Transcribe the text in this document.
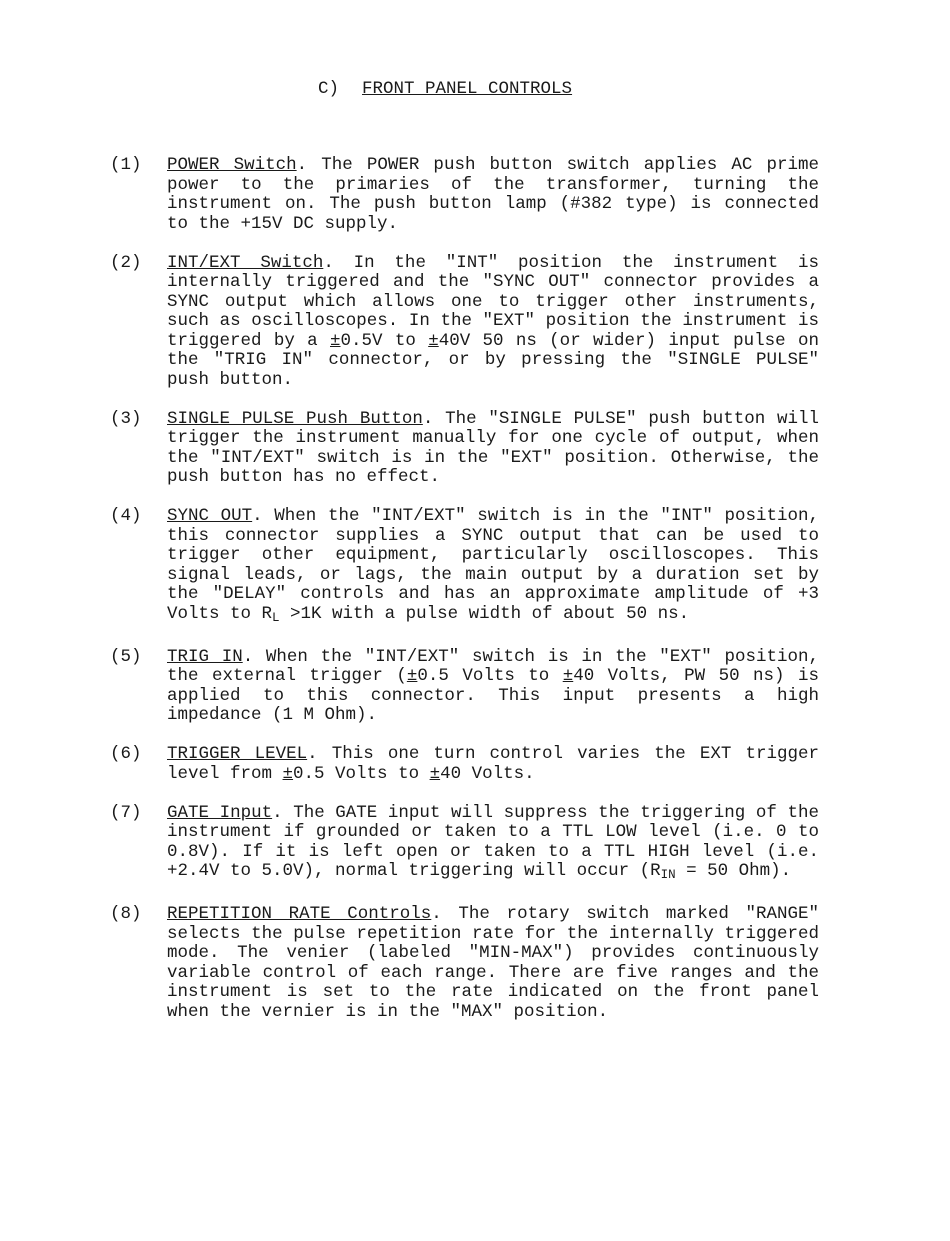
C) FRONT PANEL CONTROLS
(1) POWER Switch. The POWER push button switch applies AC prime power to the primaries of the transformer, turning the instrument on. The push button lamp (#382 type) is connected to the +15V DC supply.
(2) INT/EXT Switch. In the "INT" position the instrument is internally triggered and the "SYNC OUT" connector provides a SYNC output which allows one to trigger other instruments, such as oscilloscopes. In the "EXT" position the instrument is triggered by a ±0.5V to ±40V 50 ns (or wider) input pulse on the "TRIG IN" connector, or by pressing the "SINGLE PULSE" push button.
(3) SINGLE PULSE Push Button. The "SINGLE PULSE" push button will trigger the instrument manually for one cycle of output, when the "INT/EXT" switch is in the "EXT" position. Otherwise, the push button has no effect.
(4) SYNC OUT. When the "INT/EXT" switch is in the "INT" position, this connector supplies a SYNC output that can be used to trigger other equipment, particularly oscilloscopes. This signal leads, or lags, the main output by a duration set by the "DELAY" controls and has an approximate amplitude of +3 Volts to $R_L >1K$ with a pulse width of about 50 ns.
(5) TRIG IN. When the "INT/EXT" switch is in the "EXT" position, the external trigger (±0.5 Volts to ±40 Volts, PW 50 ns) is applied to this connector. This input presents a high impedance (1 M Ohm).
(6) TRIGGER LEVEL. This one turn control varies the EXT trigger level from ±0.5 Volts to ±40 Volts.
(7) GATE Input. The GATE input will suppress the triggering of the instrument if grounded or taken to a TTL LOW level (i.e. 0 to 0.8V). If it is left open or taken to a TTL HIGH level (i.e. +2.4V to 5.0V), normal triggering will occur ($R_{IN} = 50$ Ohm).
(8) REPETITION RATE Controls. The rotary switch marked "RANGE" selects the pulse repetition rate for the internally triggered mode. The venier (labeled "MIN-MAX") provides continuously variable control of each range. There are five ranges and the instrument is set to the rate indicated on the front panel when the vernier is in the "MAX" position.
